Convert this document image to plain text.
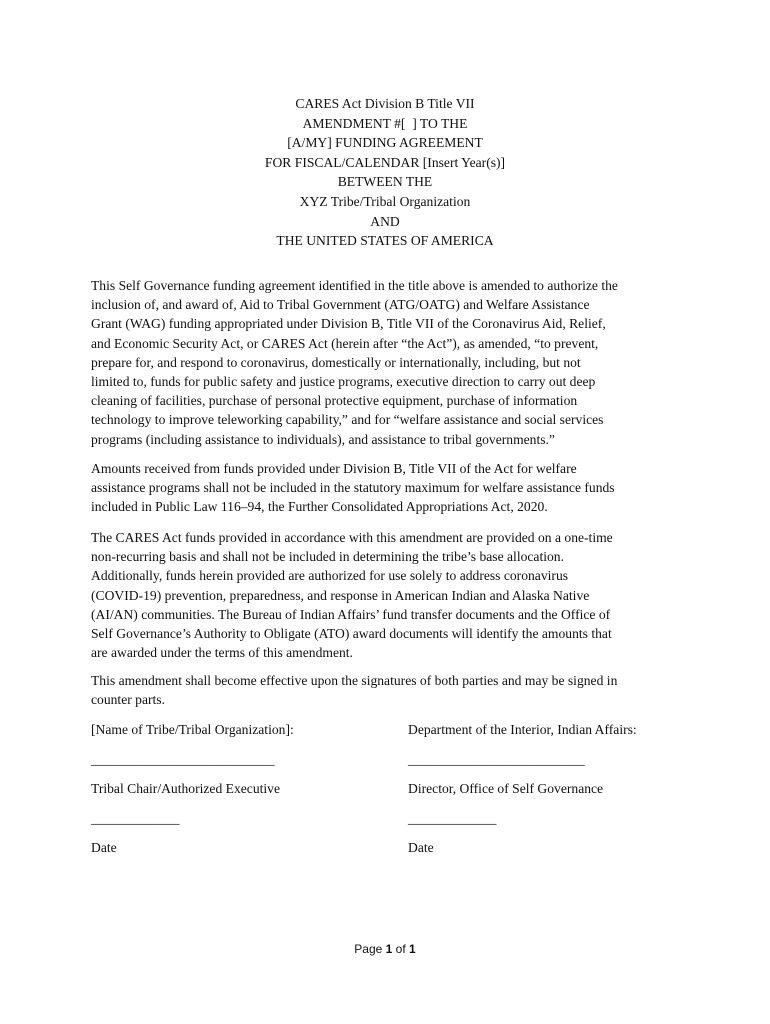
CARES Act Division B Title VII
AMENDMENT #[  ] TO THE
[A/MY] FUNDING AGREEMENT
FOR FISCAL/CALENDAR [Insert Year(s)]
BETWEEN THE
XYZ Tribe/Tribal Organization
AND
THE UNITED STATES OF AMERICA
This Self Governance funding agreement identified in the title above is amended to authorize the
inclusion of, and award of, Aid to Tribal Government (ATG/OATG) and Welfare Assistance
Grant (WAG) funding appropriated under Division B, Title VII of the Coronavirus Aid, Relief,
and Economic Security Act, or CARES Act (herein after “the Act”), as amended, “to prevent,
prepare for, and respond to coronavirus, domestically or internationally, including, but not
limited to, funds for public safety and justice programs, executive direction to carry out deep
cleaning of facilities, purchase of personal protective equipment, purchase of information
technology to improve teleworking capability,” and for “welfare assistance and social services
programs (including assistance to individuals), and assistance to tribal governments.”
Amounts received from funds provided under Division B, Title VII of the Act for welfare
assistance programs shall not be included in the statutory maximum for welfare assistance funds
included in Public Law 116–94, the Further Consolidated Appropriations Act, 2020.
The CARES Act funds provided in accordance with this amendment are provided on a one-time
non-recurring basis and shall not be included in determining the tribe’s base allocation.
Additionally, funds herein provided are authorized for use solely to address coronavirus
(COVID-19) prevention, preparedness, and response in American Indian and Alaska Native
(AI/AN) communities. The Bureau of Indian Affairs’ fund transfer documents and the Office of
Self Governance’s Authority to Obligate (ATO) award documents will identify the amounts that
are awarded under the terms of this amendment.
This amendment shall become effective upon the signatures of both parties and may be signed in
counter parts.
[Name of Tribe/Tribal Organization]:	Department of the Interior, Indian Affairs:
___________________________	__________________________
Tribal Chair/Authorized Executive	Director, Office of Self Governance
_____________	_____________
Date	Date
Page 1 of 1
